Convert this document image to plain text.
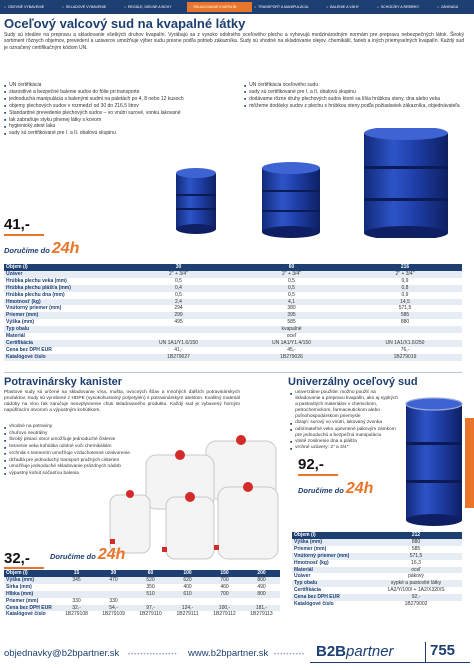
● ODEVNÉ VYBAVENIE	● SKLADOVÉ VYBAVENIE	● REGÁLE, DIELNE A BOXY	● SKLADOVANIE KVAPALÍN	● TRANSPORT A MANIPULÁCIA	● BALENIE A VÁHY	● SCHODÍKY A REBRÍKY	● ZÁHRADA
Oceľový valcový sud na kvapalné látky
Sudy sú ideálne na prepravu a skladovanie všetkých druhov kvapalín. Vyrábajú sa z vysoko odolného oceľového plechu a vyhovujú medzinárodným normám pre prepravu nebezpečných látok. Široký sortiment rôznych objemov, prevedení a uzáverov umožňuje výber sudu presne podľa potrieb zákazníka. Sudy sú vhodné na skladovanie olejov, chemikálií, farieb a iných priemyselných kvapalín. Každý sud je označený certifikačným kódom UN.
■ UN certifikácia
■ starostlivé a bezpečné balenie sudov do fólie pri transporte
■ jednoduchá manipulácia s balenými sudmi na paletách po 4, 8 nebo 12 kusoch
■ objemy plechových sudov v rozmedzí od 30 do 216,5 litrov
■ Standardné prevedenie plechových sudov – vo vnútri surové, vonku lakované
■ lak zabraňuje styku plnenej látky s kovom
■ hygienický atest laku
■ sudy sú certifikované pre I. a II. obalovú skupinu
■ UN certifikácia oceľového sudu
■ sudy sú certifikované pre I. a II. obalovú skupinu
■ dodávame rôzne druhy plechových sudov ktoré sa líšia hrúbkou steny, dna alebo veka
■ môžeme dodávky sudov z plechu s hrúbkou steny podľa požiadaviek zákazníka, objednávateľa
41,-
Doručíme do 24h
Objem (l)	30	60	216
Uzáver	2" + 3/4"	2" + 3/4"	2" + 3/4"
Hrúbka plechu veka (mm)	0,5	0,5	0,9
Hrúbka plechu plášťa (mm)	0,4	0,5	0,8
Hrúbka plechu dna (mm)	0,5	0,5	0,9
Hmotnosť (kg)	2,4	4,1	14,5
Vnútorný priemer (mm)	294	380	571,5
Priemer (mm)	299	395	585
Výška (mm)	495	585	880
Typ obalu		kvapalné	
Materiál		oceľ	
Certifikácia	UN 1A1/Y1.6/150	UN 1A1/Y1.4/150	UN 1A1/X1.6/250
Cena bez DPH EUR	41,-	45,-	76,-
Katalógové číslo	1B279027	1B279026	1B279019
Potravinársky kanister
Plastové sudy sú určené na skladovanie vína, mušta, ovocných šťiav a mnohých ďalších potravinárskych produktov. Sudy sú vyrobené z HDPE (vysokohustotný polyetylén) s potravinárskym atestom. Kvalitný materiál nádoby na víno ťak zaručuje neovplyvnenie chuti skladovaného produktu. Každý sud je vybavený horným napúšťacím otvorom a výpustným kohútikom.
■ vhodné na potraviny
■ chuťovo neutrálny
■ Široký plniaci otvor umožňuje jednoduché čistenie
■ tesnenie veka kohútika odolné voči chemikáliám
■ vrchnák s tesnením umožňuje vzduchotesné uzatvorenie
■ držadlá pre jednoduchý transport pražných cisterien
■ umožňuje jednoduché skladovanie prázdnych nádob
■ výpustný kohút súčasťou balenia
32,-	Doručíme do 24h
Objem (l)	15	30	60	100	150	200
Výška (mm)	345	470	520	620	700	800
Šírka (mm)			350	400	460	490
Hĺbka (mm)			510	610	700	800
Priemer (mm)	330	330				
Cena bez DPH EUR	32,-	54,-	97,-	124,-	100,-	181,-
Katalógové číslo	1B279108	1B279109	1B279110	1B279111	1B279112	1B279113
Univerzálny oceľový sud
■ univerzálne použitie: možno použiť na skladovanie a prepravu kvapalín, ako aj sypkých a pastovitých materiálov v chemickom, petrochemickom, farmaceutickom alebo poľnohospodárskom priemysle
■ dizajn: surový vo vnútri, lakovaný zvonka
■ odnímateľné veko upevnené pákovým zámkom pre jednoduchú a bezpečnú manipuláciu
■ vlnité zosilnenie dna a plášťa
■ vrchné uzávery: 2" a 3/4"
92,-
Doručíme do 24h
Objem (l)	212
Výška (mm)	880
Priemer (mm)	585
Vnútorný priemer (mm)	571,5
Hmotnosť (kg)	16,3
Materiál	oceľ
Uzáver	pákový
Typ obalu	sypké a pastovité látky
Certifikácia	1A2/Y/100/ + 1A2/X320/S
Cena bez DPH EUR	92,-
Katalógové číslo	1B279002
objednavky@b2bpartner.sk ••••••••••••••••	www.b2bpartner.sk •••••••••• B2Bpartner 755
